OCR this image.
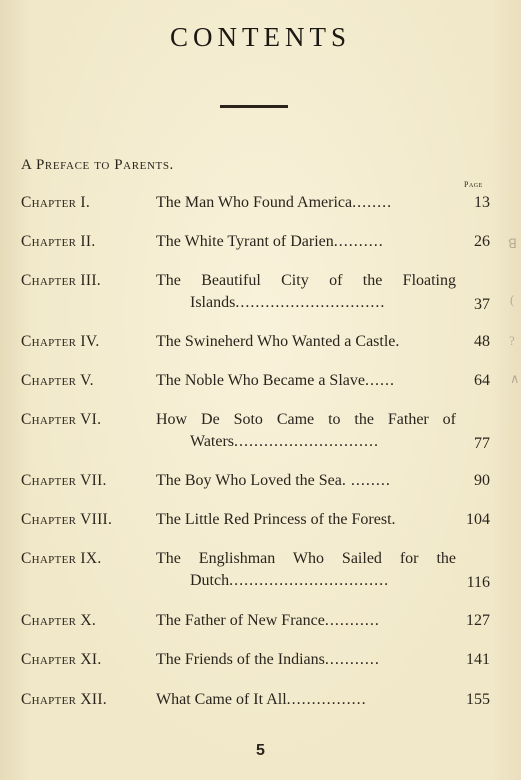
CONTENTS
A Preface to Parents.
Page
Chapter I.	The Man Who Found America........	13
Chapter II.	The White Tyrant of Darien..........	26
Chapter III.	The Beautiful City of the Floating
Islands..............................	37
Chapter IV.	The Swineherd Who Wanted a Castle.	48
Chapter V.	The Noble Who Became a Slave......	64
Chapter VI.	How De Soto Came to the Father of
Waters.............................	77
Chapter VII.	The Boy Who Loved the Sea. ........	90
Chapter VIII.	The Little Red Princess of the Forest.	104
Chapter IX.	The Englishman Who Sailed for the
Dutch................................	116
Chapter X.	The Father of New France...........	127
Chapter XI.	The Friends of the Indians...........	141
Chapter XII.	What Came of It All................	155
5
ꓭ
(
?
∧
